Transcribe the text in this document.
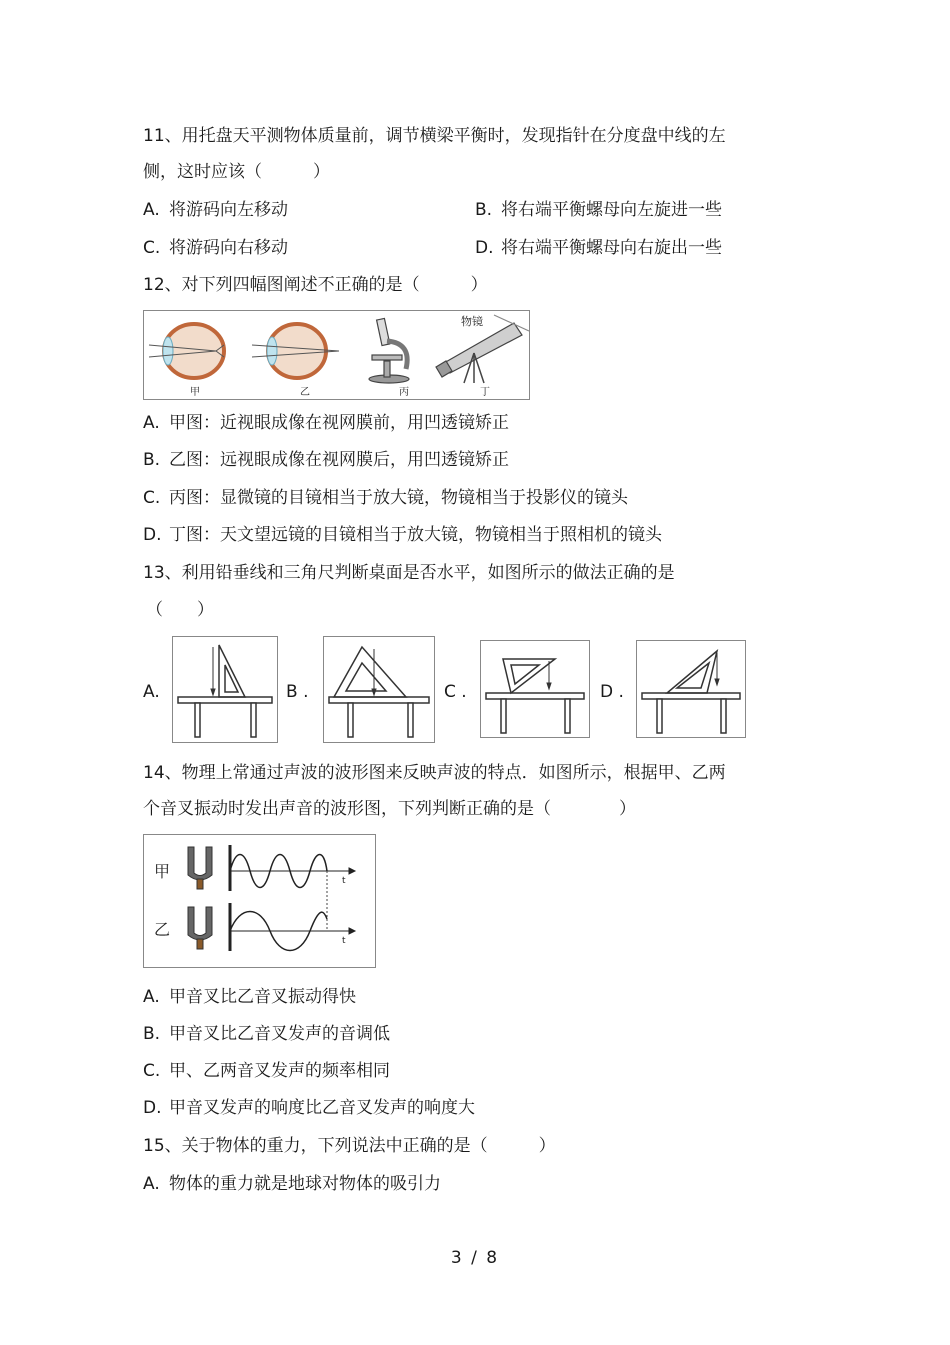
11、用托盘天平测物体质量前，调节横梁平衡时，发现指针在分度盘中线的左
侧，这时应该（　　　）
A. 将游码向左移动	B. 将右端平衡螺母向左旋进一些
C. 将游码向右移动	D. 将右端平衡螺母向右旋出一些
12、对下列四幅图阐述不正确的是（　　　）
物镜
甲	乙	丙	丁
A. 甲图：近视眼成像在视网膜前，用凹透镜矫正
B. 乙图：远视眼成像在视网膜后，用凹透镜矫正
C. 丙图：显微镜的目镜相当于放大镜，物镜相当于投影仪的镜头
D. 丁图：天文望远镜的目镜相当于放大镜，物镜相当于照相机的镜头
13、利用铅垂线和三角尺判断桌面是否水平，如图所示的做法正确的是
（　　）
A.	B .	C .	D .
14、物理上常通过声波的波形图来反映声波的特点．如图所示，根据甲、乙两
个音叉振动时发出声音的波形图，下列判断正确的是（　　　　）
甲
乙
t
t
A. 甲音叉比乙音叉振动得快
B. 甲音叉比乙音叉发声的音调低
C. 甲、乙两音叉发声的频率相同
D. 甲音叉发声的响度比乙音叉发声的响度大
15、关于物体的重力，下列说法中正确的是（　　　）
A. 物体的重力就是地球对物体的吸引力
3 / 8
